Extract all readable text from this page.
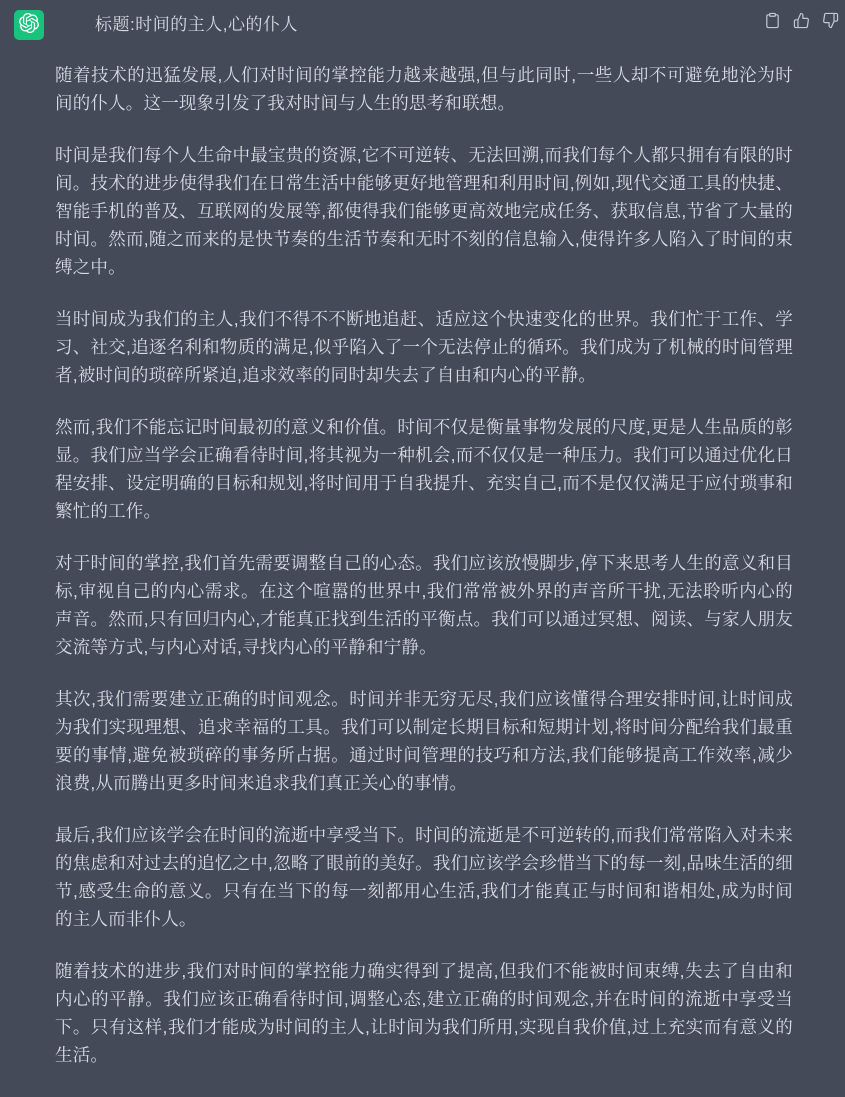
标题:时间的主人,心的仆人

随着技术的迅猛发展,人们对时间的掌控能力越来越强,但与此同时,一些人却不可避免地沦为时间的仆人。这一现象引发了我对时间与人生的思考和联想。

时间是我们每个人生命中最宝贵的资源,它不可逆转、无法回溯,而我们每个人都只拥有有限的时间。技术的进步使得我们在日常生活中能够更好地管理和利用时间,例如,现代交通工具的快捷、智能手机的普及、互联网的发展等,都使得我们能够更高效地完成任务、获取信息,节省了大量的时间。然而,随之而来的是快节奏的生活节奏和无时不刻的信息输入,使得许多人陷入了时间的束缚之中。

当时间成为我们的主人,我们不得不不断地追赶、适应这个快速变化的世界。我们忙于工作、学习、社交,追逐名利和物质的满足,似乎陷入了一个无法停止的循环。我们成为了机械的时间管理者,被时间的琐碎所紧迫,追求效率的同时却失去了自由和内心的平静。

然而,我们不能忘记时间最初的意义和价值。时间不仅是衡量事物发展的尺度,更是人生品质的彰显。我们应当学会正确看待时间,将其视为一种机会,而不仅仅是一种压力。我们可以通过优化日程安排、设定明确的目标和规划,将时间用于自我提升、充实自己,而不是仅仅满足于应付琐事和繁忙的工作。

对于时间的掌控,我们首先需要调整自己的心态。我们应该放慢脚步,停下来思考人生的意义和目标,审视自己的内心需求。在这个喧嚣的世界中,我们常常被外界的声音所干扰,无法聆听内心的声音。然而,只有回归内心,才能真正找到生活的平衡点。我们可以通过冥想、阅读、与家人朋友交流等方式,与内心对话,寻找内心的平静和宁静。

其次,我们需要建立正确的时间观念。时间并非无穷无尽,我们应该懂得合理安排时间,让时间成为我们实现理想、追求幸福的工具。我们可以制定长期目标和短期计划,将时间分配给我们最重要的事情,避免被琐碎的事务所占据。通过时间管理的技巧和方法,我们能够提高工作效率,减少浪费,从而腾出更多时间来追求我们真正关心的事情。

最后,我们应该学会在时间的流逝中享受当下。时间的流逝是不可逆转的,而我们常常陷入对未来的焦虑和对过去的追忆之中,忽略了眼前的美好。我们应该学会珍惜当下的每一刻,品味生活的细节,感受生命的意义。只有在当下的每一刻都用心生活,我们才能真正与时间和谐相处,成为时间的主人而非仆人。

随着技术的进步,我们对时间的掌控能力确实得到了提高,但我们不能被时间束缚,失去了自由和内心的平静。我们应该正确看待时间,调整心态,建立正确的时间观念,并在时间的流逝中享受当下。只有这样,我们才能成为时间的主人,让时间为我们所用,实现自我价值,过上充实而有意义的生活。
